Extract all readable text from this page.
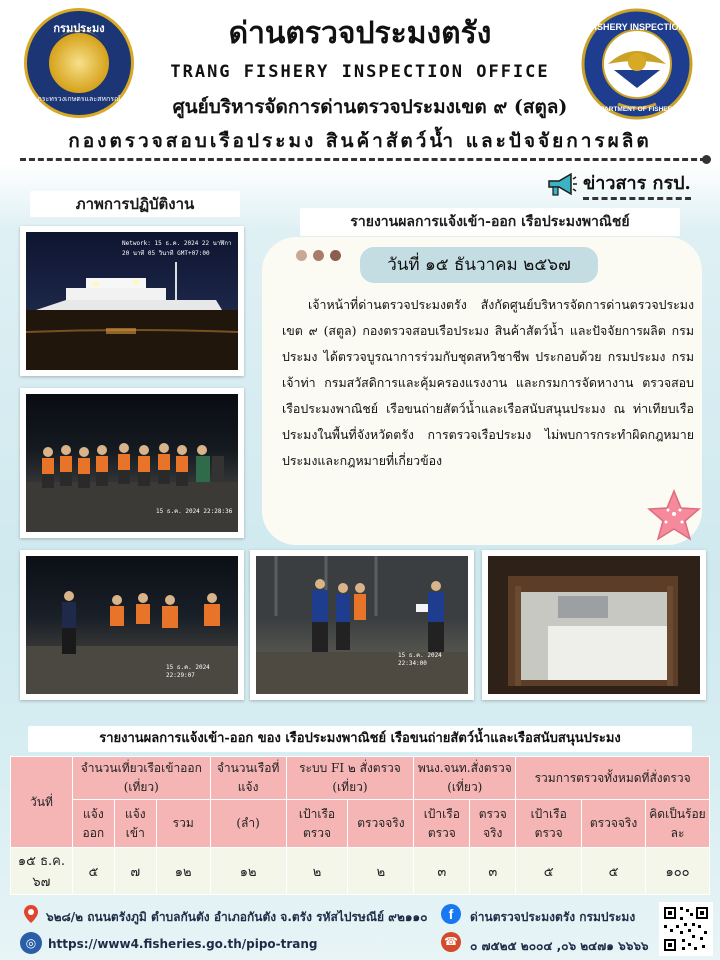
กรมประมง
กระทรวงเกษตรและสหกรณ์
FISHERY INSPECTION
DEPARTMENT OF FISHERIES
ด่านตรวจประมงตรัง
TRANG FISHERY INSPECTION OFFICE
ศูนย์บริหารจัดการด่านตรวจประมงเขต ๙ (สตูล)
กองตรวจสอบเรือประมง สินค้าสัตว์น้ำ และปัจจัยการผลิต
ข่าวสาร กรป.
ภาพการปฏิบัติงาน
รายงานผลการแจ้งเข้า-ออก เรือประมงพาณิชย์
Network: 15 ธ.ค. 2024 22 นาฬิกา 20 นาที 05 วินาที GMT+07:00
15 ธ.ค. 2024 22:28:36
15 ธ.ค. 2024 22:29:07
15 ธ.ค. 2024 22:34:00
วันที่ ๑๕ ธันวาคม ๒๕๖๗
เจ้าหน้าที่ด่านตรวจประมงตรัง สังกัดศูนย์บริหารจัดการด่านตรวจประมง เขต ๙ (สตูล) กองตรวจสอบเรือประมง สินค้าสัตว์น้ำ และปัจจัยการผลิต กรมประมง ได้ตรวจบูรณาการร่วมกับชุดสหวิชาชีพ ประกอบด้วย กรมประมง กรมเจ้าท่า กรมสวัสดิการและคุ้มครองแรงงาน และกรมการจัดหางาน ตรวจสอบเรือประมงพาณิชย์ เรือขนถ่ายสัตว์น้ำและเรือสนับสนุนประมง ณ ท่าเทียบเรือประมงในพื้นที่จังหวัดตรัง การตรวจเรือประมง ไม่พบการกระทำผิดกฎหมายประมงและกฎหมายที่เกี่ยวข้อง
รายงานผลการแจ้งเข้า-ออก ของ เรือประมงพาณิชย์ เรือขนถ่ายสัตว์น้ำและเรือสนับสนุนประมง
วันที่	จำนวนเที่ยวเรือเข้าออก (เที่ยว)			จำนวนเรือที่แจ้ง	ระบบ FI ๒ สั่งตรวจ (เที่ยว)		พนง.จนท.สั่งตรวจ (เที่ยว)		รวมการตรวจทั้งหมดที่สั่งตรวจ		
	แจ้งออก	แจ้งเข้า	รวม	(ลำ)	เป้าเรือตรวจ	ตรวจจริง	เป้าเรือตรวจ	ตรวจจริง	เป้าเรือตรวจ	ตรวจจริง	คิดเป็นร้อยละ
๑๕ ธ.ค. ๖๗	๕	๗	๑๒	๑๒	๒	๒	๓	๓	๕	๕	๑๐๐
๖๒๘/๒ ถนนตรังภูมิ ตำบลกันตัง อำเภอกันตัง จ.ตรัง รหัสไปรษณีย์ ๙๒๑๑๐	f	ด่านตรวจประมงตรัง กรมประมง
◎ https://www4.fisheries.go.th/pipo-trang	☎ ๐ ๗๕๒๕ ๒๐๐๔ ,๐๖ ๒๔๗๑ ๖๖๖๖
